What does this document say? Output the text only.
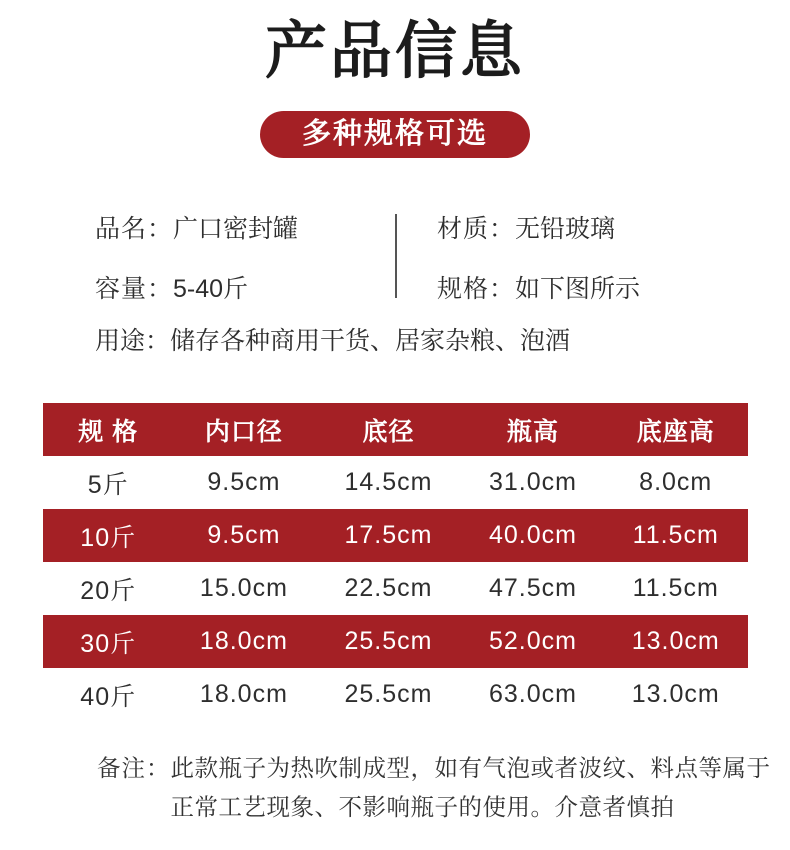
产品信息
多种规格可选
品名：广口密封罐
容量：5-40斤
材质：无铅玻璃
规格：如下图所示
用途：储存各种商用干货、居家杂粮、泡酒
规 格	内口径	底径	瓶高	底座高
5斤	9.5cm	14.5cm	31.0cm	8.0cm
10斤	9.5cm	17.5cm	40.0cm	11.5cm
20斤	15.0cm	22.5cm	47.5cm	11.5cm
30斤	18.0cm	25.5cm	52.0cm	13.0cm
40斤	18.0cm	25.5cm	63.0cm	13.0cm
备注： 此款瓶子为热吹制成型，如有气泡或者波纹、料点等属于
正常工艺现象、不影响瓶子的使用。介意者慎拍
